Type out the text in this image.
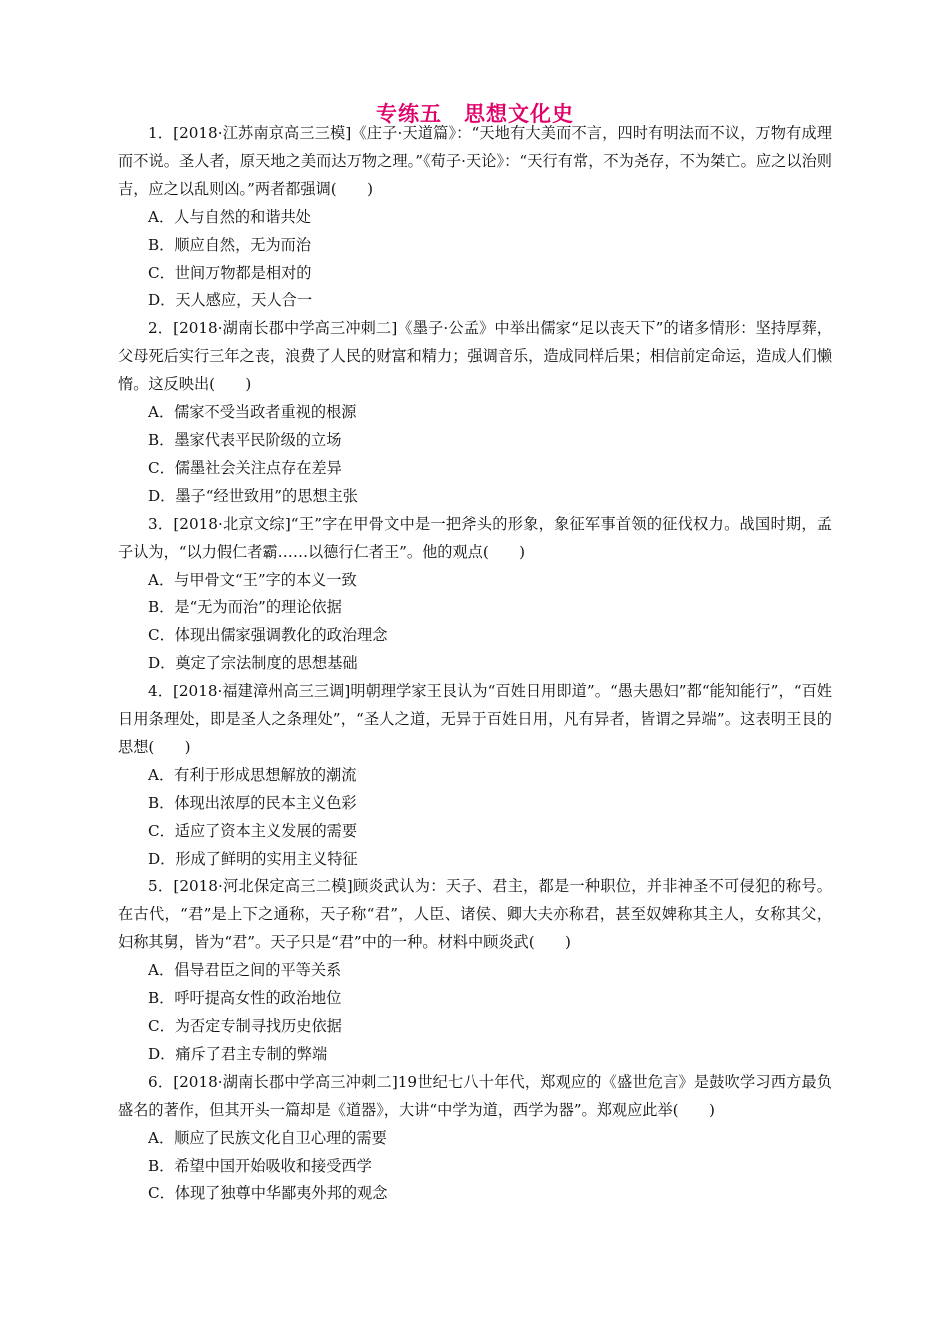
专练五　思想文化史

1．[2018·江苏南京高三三模]《庄子·天道篇》：“天地有大美而不言，四时有明法而不议，万物有成理而不说。圣人者，原天地之美而达万物之理。”《荀子·天论》：“天行有常，不为尧存，不为桀亡。应之以治则吉，应之以乱则凶。”两者都强调(　　)

A．人与自然的和谐共处

B．顺应自然，无为而治

C．世间万物都是相对的

D．天人感应，天人合一

2．[2018·湖南长郡中学高三冲刺二]《墨子·公孟》中举出儒家“足以丧天下”的诸多情形：坚持厚葬，父母死后实行三年之丧，浪费了人民的财富和精力；强调音乐，造成同样后果；相信前定命运，造成人们懒惰。这反映出(　　)

A．儒家不受当政者重视的根源

B．墨家代表平民阶级的立场

C．儒墨社会关注点存在差异

D．墨子“经世致用”的思想主张

3．[2018·北京文综]“王”字在甲骨文中是一把斧头的形象，象征军事首领的征伐权力。战国时期，孟子认为，“以力假仁者霸……以德行仁者王”。他的观点(　　)

A．与甲骨文“王”字的本义一致

B．是“无为而治”的理论依据

C．体现出儒家强调教化的政治理念

D．奠定了宗法制度的思想基础

4．[2018·福建漳州高三三调]明朝理学家王艮认为“百姓日用即道”。“愚夫愚妇”都“能知能行”，“百姓日用条理处，即是圣人之条理处”，“圣人之道，无异于百姓日用，凡有异者，皆谓之异端”。这表明王艮的思想(　　)

A．有利于形成思想解放的潮流

B．体现出浓厚的民本主义色彩

C．适应了资本主义发展的需要

D．形成了鲜明的实用主义特征

5．[2018·河北保定高三二模]顾炎武认为：天子、君主，都是一种职位，并非神圣不可侵犯的称号。在古代，“君”是上下之通称，天子称“君”，人臣、诸侯、卿大夫亦称君，甚至奴婢称其主人，女称其父，妇称其舅，皆为“君”。天子只是“君”中的一种。材料中顾炎武(　　)

A．倡导君臣之间的平等关系

B．呼吁提高女性的政治地位

C．为否定专制寻找历史依据

D．痛斥了君主专制的弊端

6．[2018·湖南长郡中学高三冲刺二]19世纪七八十年代，郑观应的《盛世危言》是鼓吹学习西方最负盛名的著作，但其开头一篇却是《道器》，大讲“中学为道，西学为器”。郑观应此举(　　)

A．顺应了民族文化自卫心理的需要

B．希望中国开始吸收和接受西学

C．体现了独尊中华鄙夷外邦的观念
